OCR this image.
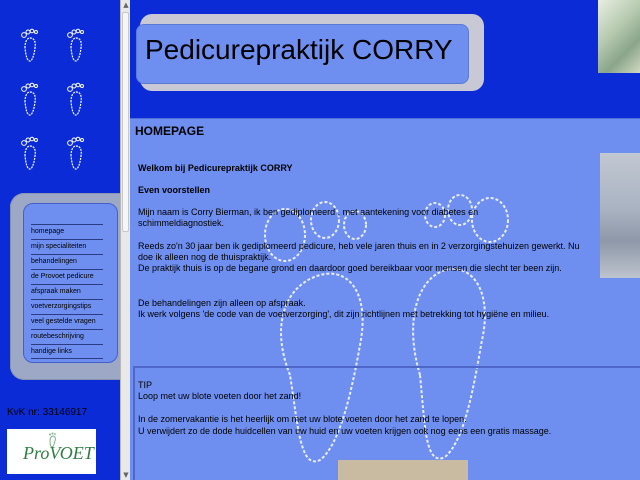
homepage
mijn specialiteiten
behandelingen
de Provoet pedicure
afspraak maken
voetverzorgingstips
veel gestelde vragen
routebeschrijving
handige links
KvK nr: 33146917
ProVOET
▲
▼
Pedicurepraktijk CORRY
HOMEPAGE
Welkom bij Pedicurepraktijk CORRY
Even voorstellen
Mijn naam is Corry Bierman, ik ben gediplomeerd , met aantekening voor diabetes en schimmeldiagnostiek.
Reeds zo'n 30 jaar ben ik gediplomeerd pedicure, heb vele jaren thuis en in 2 verzorgingstehuizen gewerkt. Nu doe ik alleen nog de thuispraktijk.
De praktijk thuis is op de begane grond en daardoor goed bereikbaar voor mensen die slecht ter been zijn.
De behandelingen zijn alleen op afspraak.
Ik werk volgens 'de code van de voetverzorging', dit zijn richtlijnen met betrekking tot hygiëne en milieu.
TIP
Loop met uw blote voeten door het zand!
In de zomervakantie is het heerlijk om met uw blote voeten door het zand te lopen.
U verwijdert zo de dode huidcellen van uw huid en uw voeten krijgen ook nog eens een gratis massage.
